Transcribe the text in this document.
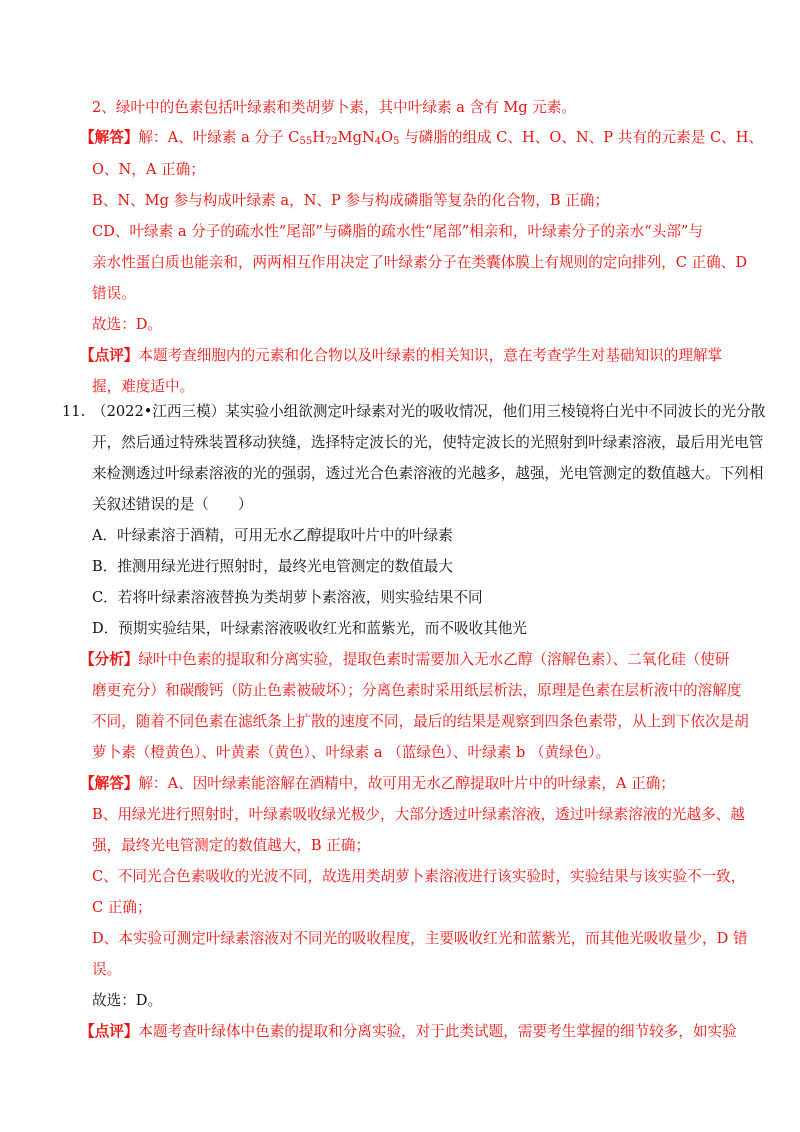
2、绿叶中的色素包括叶绿素和类胡萝卜素，其中叶绿素 a 含有 Mg 元素。
【解答】解：A、叶绿素 a 分子 $C_{55}H_{72}MgN_4O_5$ 与磷脂的组成 C、H、O、N、P 共有的元素是 C、H、
O、N，A 正确；
B、N、Mg 参与构成叶绿素 a，N、P 参与构成磷脂等复杂的化合物，B 正确；
CD、叶绿素 a 分子的疏水性“尾部”与磷脂的疏水性“尾部”相亲和，叶绿素分子的亲水“头部”与
亲水性蛋白质也能亲和，两两相互作用决定了叶绿素分子在类囊体膜上有规则的定向排列，C 正确、D
错误。
故选：D。
【点评】本题考查细胞内的元素和化合物以及叶绿素的相关知识，意在考查学生对基础知识的理解掌
握，难度适中。
11. （2022•江西三模）某实验小组欲测定叶绿素对光的吸收情况，他们用三棱镜将白光中不同波长的光分散
开，然后通过特殊装置移动狭缝，选择特定波长的光，使特定波长的光照射到叶绿素溶液，最后用光电管
来检测透过叶绿素溶液的光的强弱，透过光合色素溶液的光越多，越强，光电管测定的数值越大。下列相
关叙述错误的是（　　）
A．叶绿素溶于酒精，可用无水乙醇提取叶片中的叶绿素
B．推测用绿光进行照射时，最终光电管测定的数值最大
C．若将叶绿素溶液替换为类胡萝卜素溶液，则实验结果不同
D．预期实验结果，叶绿素溶液吸收红光和蓝紫光，而不吸收其他光
【分析】绿叶中色素的提取和分离实验，提取色素时需要加入无水乙醇（溶解色素）、二氧化硅（使研
磨更充分）和碳酸钙（防止色素被破坏）；分离色素时采用纸层析法，原理是色素在层析液中的溶解度
不同，随着不同色素在滤纸条上扩散的速度不同，最后的结果是观察到四条色素带，从上到下依次是胡
萝卜素（橙黄色）、叶黄素（黄色）、叶绿素 a （蓝绿色）、叶绿素 b （黄绿色）。
【解答】解：A、因叶绿素能溶解在酒精中，故可用无水乙醇提取叶片中的叶绿素，A 正确；
B、用绿光进行照射时，叶绿素吸收绿光极少，大部分透过叶绿素溶液，透过叶绿素溶液的光越多、越
强，最终光电管测定的数值越大，B 正确；
C、不同光合色素吸收的光波不同，故选用类胡萝卜素溶液进行该实验时，实验结果与该实验不一致，
C 正确；
D、本实验可测定叶绿素溶液对不同光的吸收程度，主要吸收红光和蓝紫光，而其他光吸收量少，D 错
误。
故选：D。
【点评】本题考查叶绿体中色素的提取和分离实验，对于此类试题，需要考生掌握的细节较多，如实验
